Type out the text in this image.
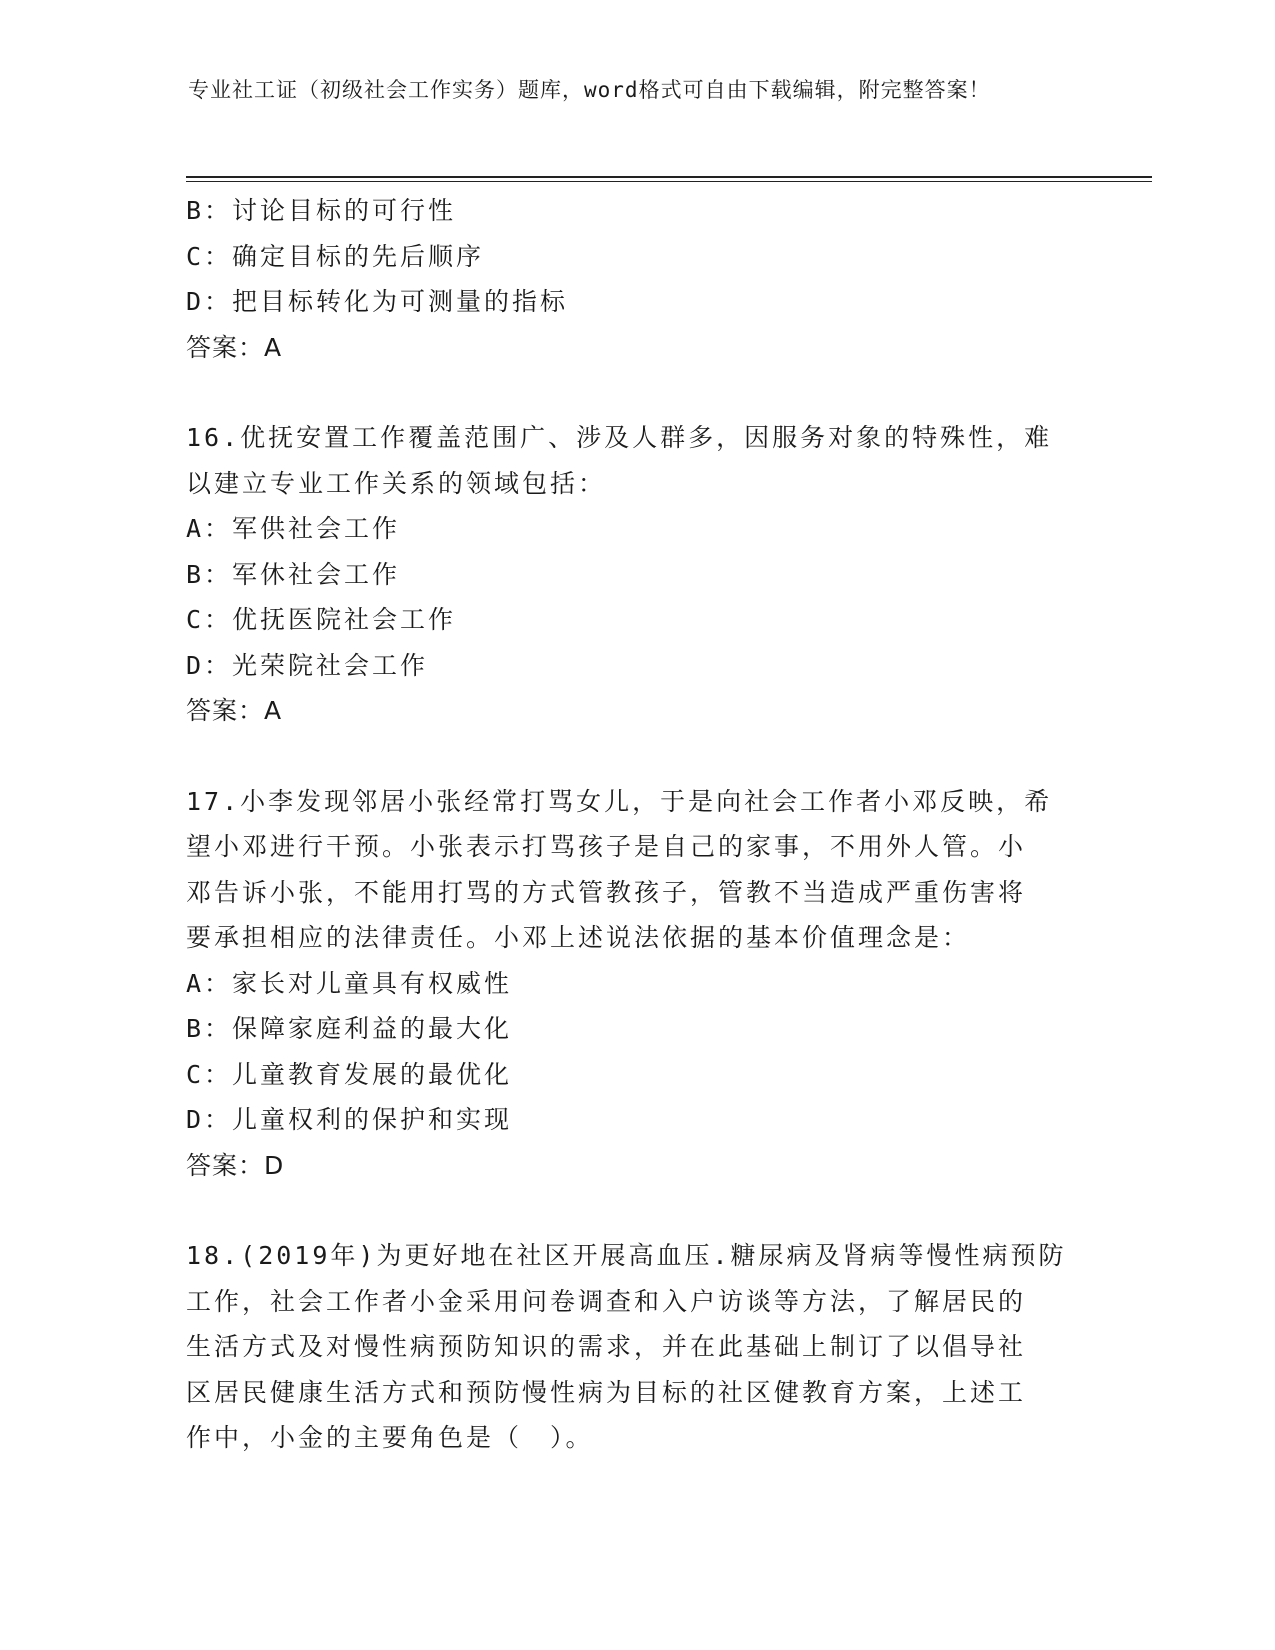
专业社工证（初级社会工作实务）题库，word格式可自由下载编辑，附完整答案！
B：讨论目标的可行性
C：确定目标的先后顺序
D：把目标转化为可测量的指标
答案：A
16.优抚安置工作覆盖范围广、涉及人群多，因服务对象的特殊性，难
以建立专业工作关系的领域包括：
A：军供社会工作
B：军休社会工作
C：优抚医院社会工作
D：光荣院社会工作
答案：A
17.小李发现邻居小张经常打骂女儿，于是向社会工作者小邓反映，希
望小邓进行干预。小张表示打骂孩子是自己的家事，不用外人管。小
邓告诉小张，不能用打骂的方式管教孩子，管教不当造成严重伤害将
要承担相应的法律责任。小邓上述说法依据的基本价值理念是：
A：家长对儿童具有权威性
B：保障家庭利益的最大化
C：儿童教育发展的最优化
D：儿童权利的保护和实现
答案：D
18.(2019年)为更好地在社区开展高血压.糖尿病及肾病等慢性病预防
工作，社会工作者小金采用问卷调查和入户访谈等方法，了解居民的
生活方式及对慢性病预防知识的需求，并在此基础上制订了以倡导社
区居民健康生活方式和预防慢性病为目标的社区健教育方案，上述工
作中，小金的主要角色是（　）。
